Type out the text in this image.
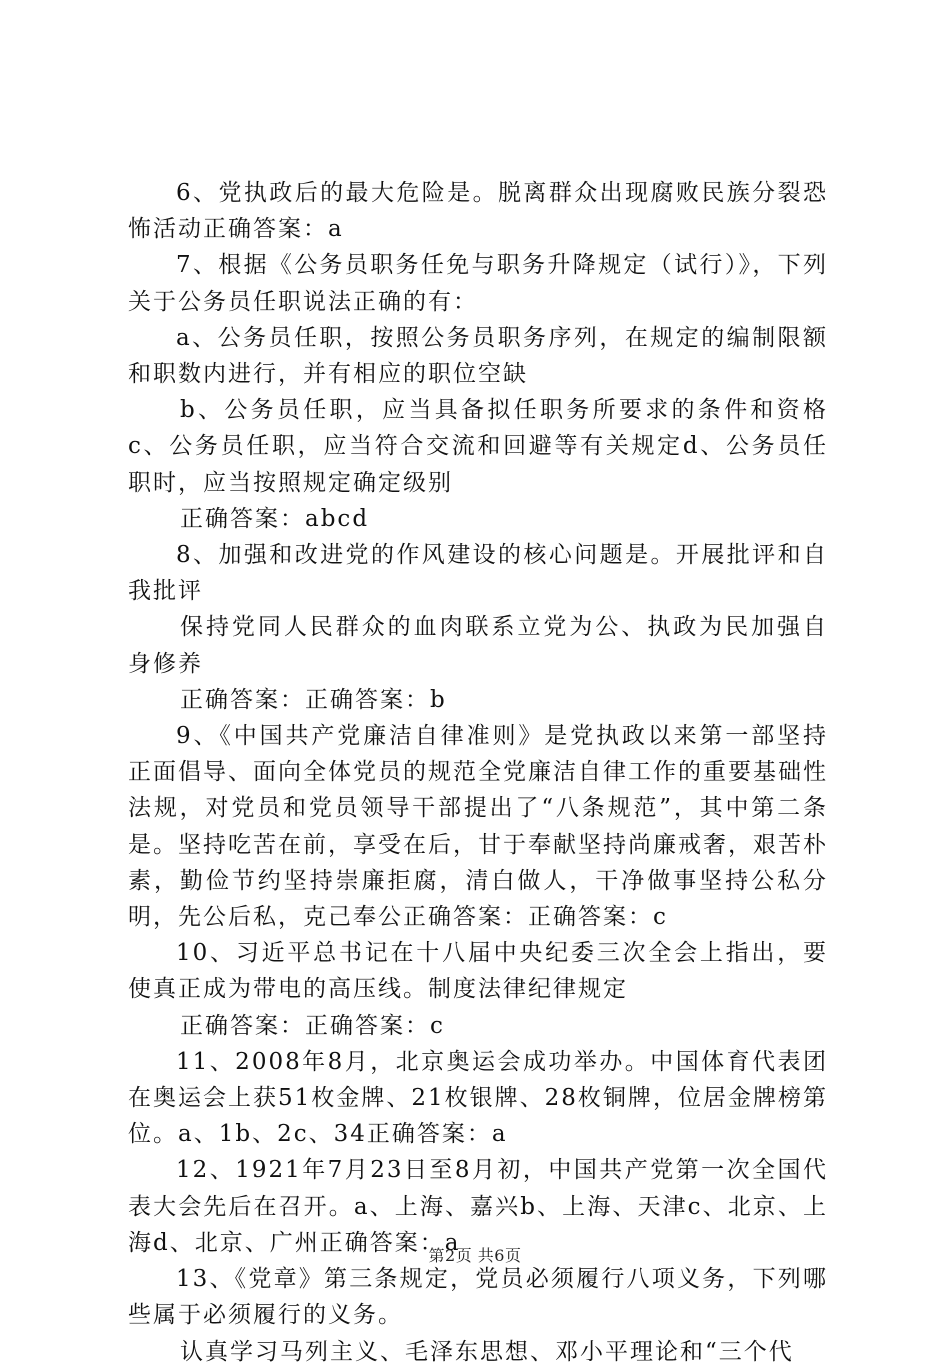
6、党执政后的最大危险是。脱离群众出现腐败民族分裂恐怖活动正确答案：a

7、根据《公务员职务任免与职务升降规定（试行）》，下列关于公务员任职说法正确的有：

a、公务员任职，按照公务员职务序列，在规定的编制限额和职数内进行，并有相应的职位空缺

b、公务员任职，应当具备拟任职务所要求的条件和资格c、公务员任职，应当符合交流和回避等有关规定d、公务员任职时，应当按照规定确定级别

正确答案：abcd

8、加强和改进党的作风建设的核心问题是。开展批评和自我批评

保持党同人民群众的血肉联系立党为公、执政为民加强自身修养

正确答案：正确答案：b

9、《中国共产党廉洁自律准则》是党执政以来第一部坚持正面倡导、面向全体党员的规范全党廉洁自律工作的重要基础性法规，对党员和党员领导干部提出了“八条规范”，其中第二条是。坚持吃苦在前，享受在后，甘于奉献坚持尚廉戒奢，艰苦朴素，勤俭节约坚持崇廉拒腐，清白做人，干净做事坚持公私分明，先公后私，克己奉公正确答案：正确答案：c

10、习近平总书记在十八届中央纪委三次全会上指出，要使真正成为带电的高压线。制度法律纪律规定

正确答案：正确答案：c

11、2008年8月，北京奥运会成功举办。中国体育代表团在奥运会上获51枚金牌、21枚银牌、28枚铜牌，位居金牌榜第位。a、1b、2c、34正确答案：a

12、1921年7月23日至8月初，中国共产党第一次全国代表大会先后在召开。a、上海、嘉兴b、上海、天津c、北京、上海d、北京、广州正确答案：a

13、《党章》第三条规定，党员必须履行八项义务，下列哪些属于必须履行的义务。

认真学习马列主义、毛泽东思想、邓小平理论和“三个代

第2页 共6页
